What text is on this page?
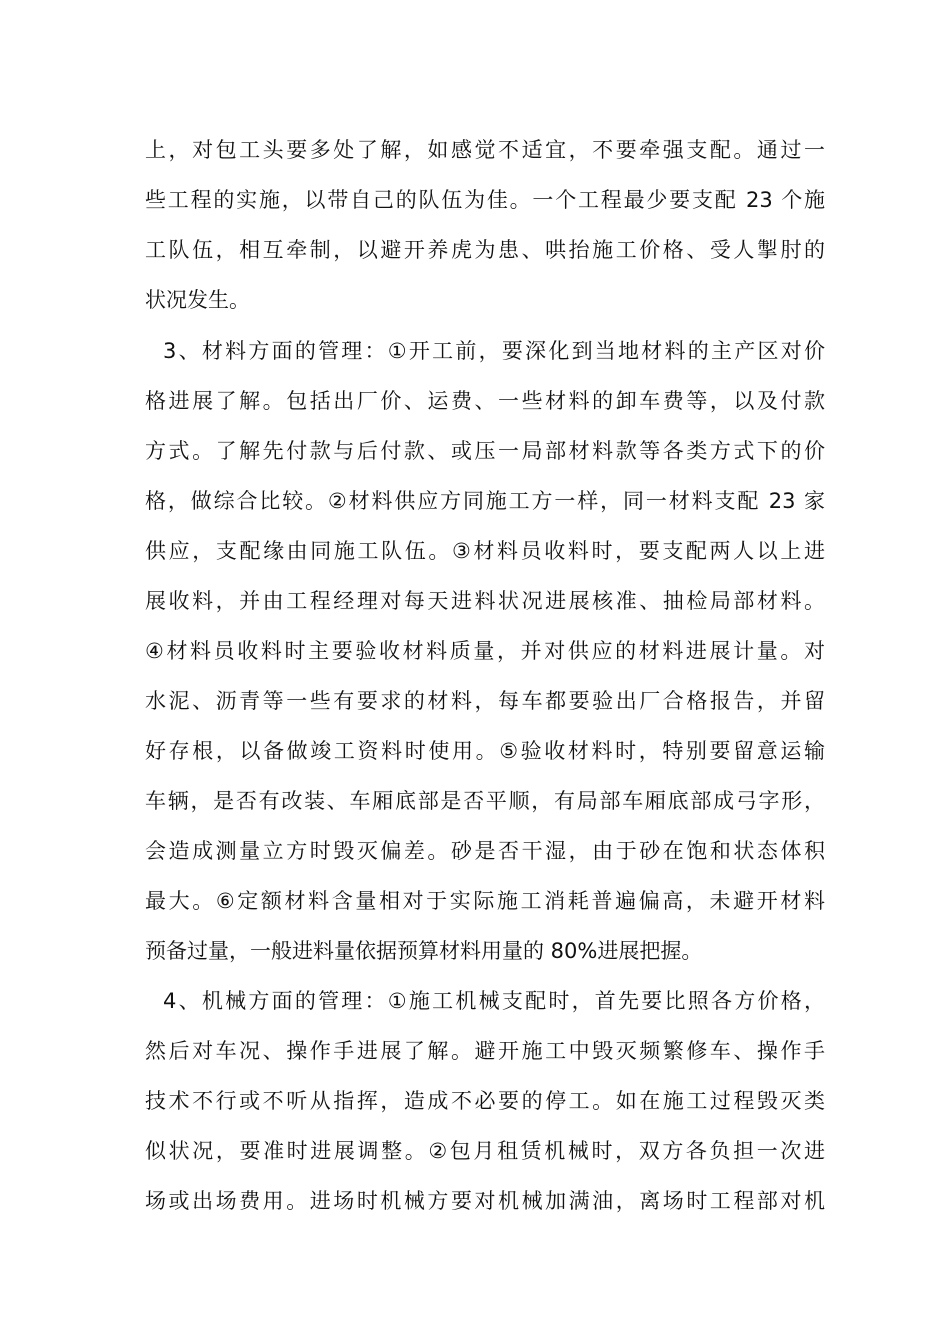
上，对包工头要多处了解，如感觉不适宜，不要牵强支配。通过一
些工程的实施，以带自己的队伍为佳。一个工程最少要支配 23 个施
工队伍，相互牵制，以避开养虎为患、哄抬施工价格、受人掣肘的
状况发生。
3、材料方面的管理：①开工前，要深化到当地材料的主产区对价
格进展了解。包括出厂价、运费、一些材料的卸车费等，以及付款
方式。了解先付款与后付款、或压一局部材料款等各类方式下的价
格，做综合比较。②材料供应方同施工方一样，同一材料支配 23 家
供应，支配缘由同施工队伍。③材料员收料时，要支配两人以上进
展收料，并由工程经理对每天进料状况进展核准、抽检局部材料。
④材料员收料时主要验收材料质量，并对供应的材料进展计量。对
水泥、沥青等一些有要求的材料，每车都要验出厂合格报告，并留
好存根，以备做竣工资料时使用。⑤验收材料时，特别要留意运输
车辆，是否有改装、车厢底部是否平顺，有局部车厢底部成弓字形，
会造成测量立方时毁灭偏差。砂是否干湿，由于砂在饱和状态体积
最大。⑥定额材料含量相对于实际施工消耗普遍偏高，未避开材料
预备过量，一般进料量依据预算材料用量的 80%进展把握。
4、机械方面的管理：①施工机械支配时，首先要比照各方价格，
然后对车况、操作手进展了解。避开施工中毁灭频繁修车、操作手
技术不行或不听从指挥，造成不必要的停工。如在施工过程毁灭类
似状况，要准时进展调整。②包月租赁机械时，双方各负担一次进
场或出场费用。进场时机械方要对机械加满油，离场时工程部对机
